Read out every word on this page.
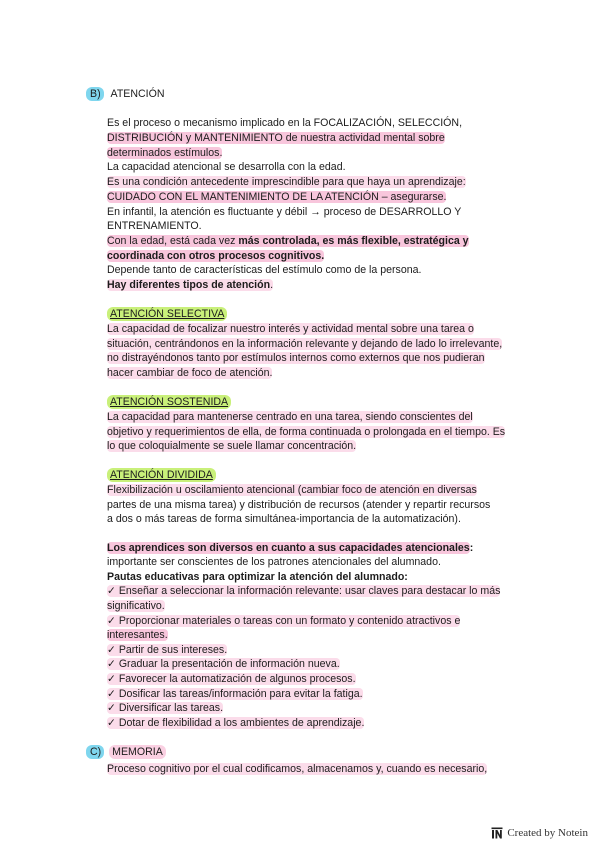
B) ATENCIÓN
Es el proceso o mecanismo implicado en la FOCALIZACIÓN, SELECCIÓN,
DISTRIBUCIÓN y MANTENIMIENTO de nuestra actividad mental sobre
determinados estímulos.
La capacidad atencional se desarrolla con la edad.
Es una condición antecedente imprescindible para que haya un aprendizaje:
CUIDADO CON EL MANTENIMIENTO DE LA ATENCIÓN – asegurarse.
En infantil, la atención es fluctuante y débil → proceso de DESARROLLO Y
ENTRENAMIENTO.
Con la edad, está cada vez más controlada, es más flexible, estratégica y
coordinada con otros procesos cognitivos.
Depende tanto de características del estímulo como de la persona.
Hay diferentes tipos de atención.
ATENCIÓN SELECTIVA
La capacidad de focalizar nuestro interés y actividad mental sobre una tarea o
situación, centrándonos en la información relevante y dejando de lado lo irrelevante,
no distrayéndonos tanto por estímulos internos como externos que nos pudieran
hacer cambiar de foco de atención.
ATENCIÓN SOSTENIDA
La capacidad para mantenerse centrado en una tarea, siendo conscientes del
objetivo y requerimientos de ella, de forma continuada o prolongada en el tiempo. Es
lo que coloquialmente se suele llamar concentración.
ATENCIÓN DIVIDIDA
Flexibilización u oscilamiento atencional (cambiar foco de atención en diversas
partes de una misma tarea) y distribución de recursos (atender y repartir recursos
a dos o más tareas de forma simultánea-importancia de la automatización).
Los aprendices son diversos en cuanto a sus capacidades atencionales:
importante ser conscientes de los patrones atencionales del alumnado.
Pautas educativas para optimizar la atención del alumnado:
✓ Enseñar a seleccionar la información relevante: usar claves para destacar lo más
significativo.
✓ Proporcionar materiales o tareas con un formato y contenido atractivos e
interesantes.
✓ Partir de sus intereses.
✓ Graduar la presentación de información nueva.
✓ Favorecer la automatización de algunos procesos.
✓ Dosificar las tareas/información para evitar la fatiga.
✓ Diversificar las tareas.
✓ Dotar de flexibilidad a los ambientes de aprendizaje.
C) MEMORIA
Proceso cognitivo por el cual codificamos, almacenamos y, cuando es necesario,
Created by Notein
